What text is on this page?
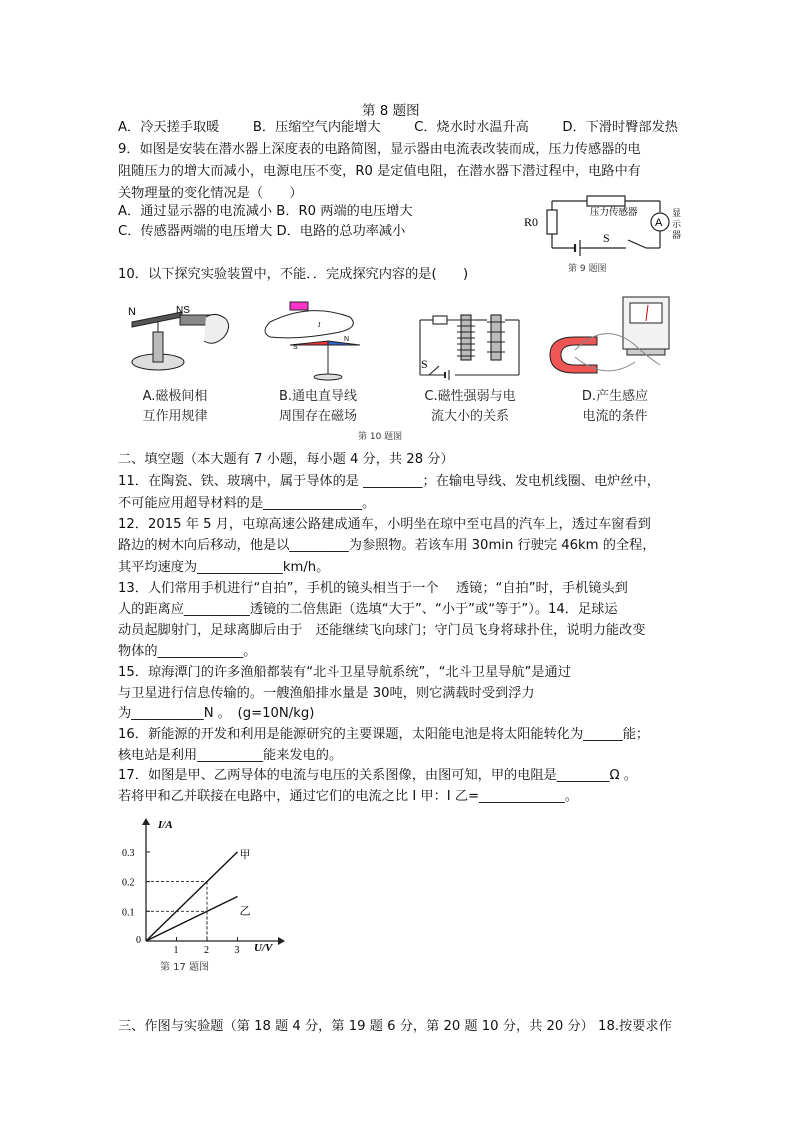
第 8 题图
A．冷天搓手取暖	B．压缩空气内能增大	C．烧水时水温升高	D．下滑时臀部发热
9．如图是安装在潜水器上深度表的电路简图，显示器由电流表改装而成，压力传感器的电
阻随压力的增大而减小，电源电压不变，R0 是定值电阻，在潜水器下潜过程中，电路中有
关物理量的变化情况是（　　）
A．通过显示器的电流减小 B．R0 两端的电压增大
C．传感器两端的电压增大 D．电路的总功率减小
R0
压力传感器
A
显
示
器
S
第 9 题图
10．以下探究实验装置中，不能．．完成探究内容的是(　　)
N	NS
S
N
I
S
A.磁极间相
互作用规律
B.通电直导线
周围存在磁场
C.磁性强弱与电
流大小的关系
D.产生感应
电流的条件
第 10 题图
二、填空题（本大题有 7 小题，每小题 4 分，共 28 分）
11．在陶瓷、铁、玻璃中，属于导体的是 _________；在输电导线、发电机线圈、电炉丝中，
不可能应用超导材料的是_______________。
12．2015 年 5 月，屯琼高速公路建成通车，小明坐在琼中至屯昌的汽车上，透过车窗看到
路边的树木向后移动，他是以_________为参照物。若该车用 30min 行驶完 46km 的全程，
其平均速度为_____________km/h。
13．人们常用手机进行“自拍”，手机的镜头相当于一个　 透镜；“自拍”时，手机镜头到
人的距离应__________透镜的二倍焦距（选填“大于”、“小于”或“等于”）。14．足球运
动员起脚射门，足球离脚后由于　还能继续飞向球门；守门员飞身将球扑住，说明力能改变
物体的_____________。
15．琼海潭门的许多渔船都装有“北斗卫星导航系统”，“北斗卫星导航”是通过
与卫星进行信息传输的。一艘渔船排水量是 30吨，则它满载时受到浮力
为___________N 。　(g=10N/kg)
16．新能源的开发和利用是能源研究的主要课题，太阳能电池是将太阳能转化为______能；
核电站是利用__________能来发电的。
17．如图是甲、乙两导体的电流与电压的关系图像，由图可知，甲的电阻是________Ω 。
若将甲和乙并联接在电路中，通过它们的电流之比 I 甲：I 乙=_____________。
1	2	3
0.1
0.2
0.3	甲
乙
I/A
U/V
0
第 17 题图
三、作图与实验题（第 18 题 4 分，第 19 题 6 分，第 20 题 10 分，共 20 分） 18.按要求作
